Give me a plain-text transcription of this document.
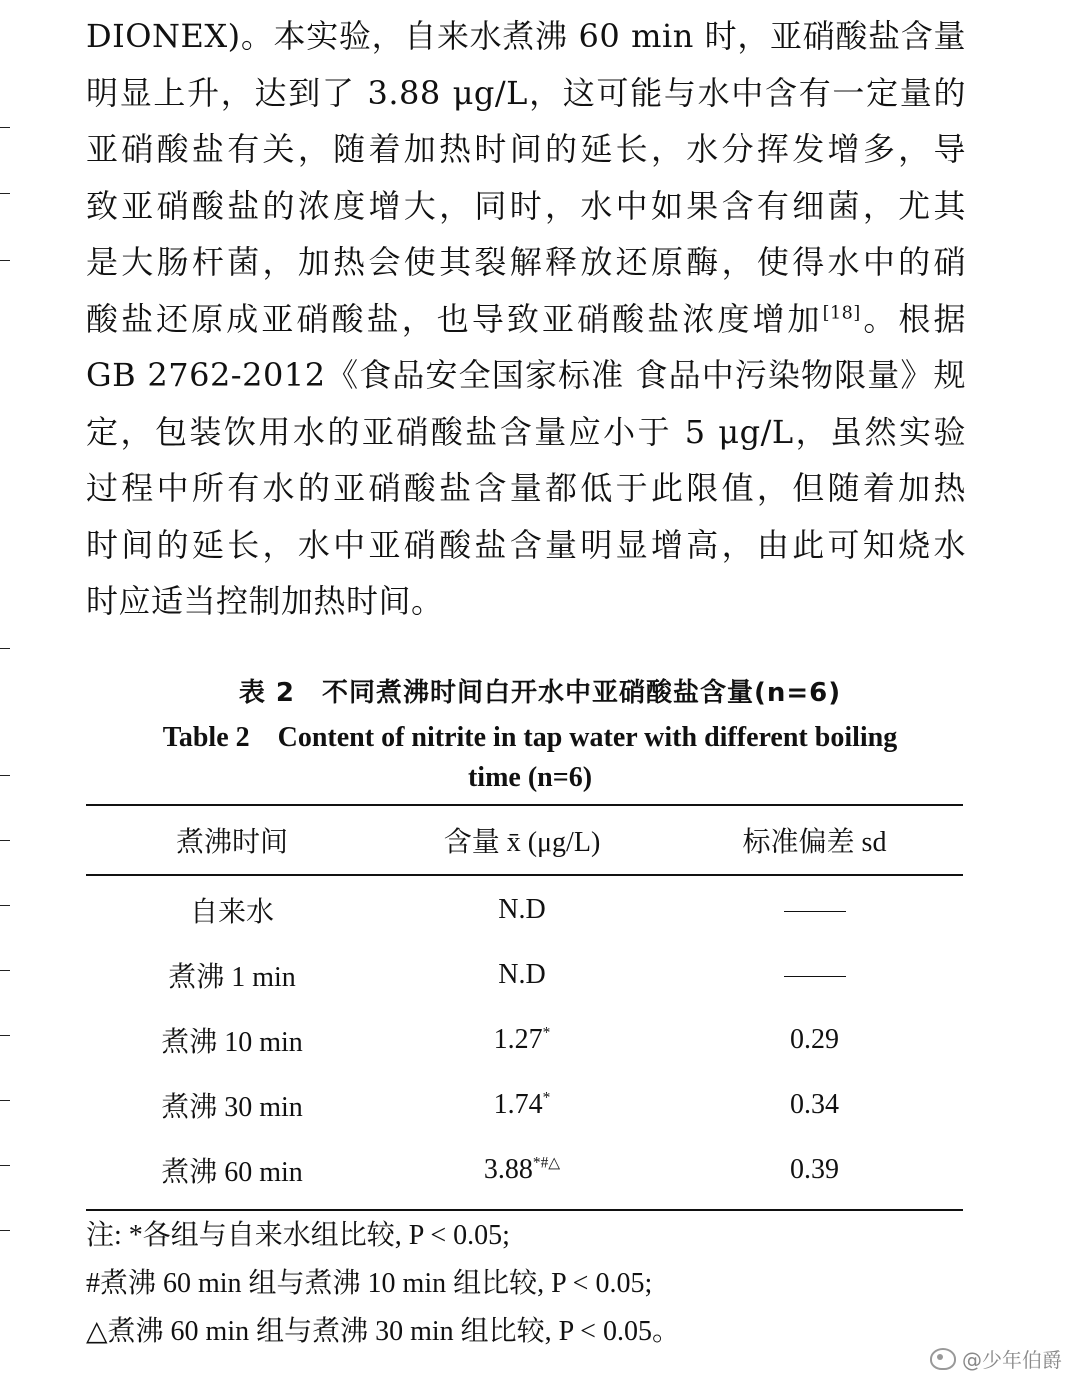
DIONEX)。本实验，自来水煮沸 60 min 时，亚硝酸盐含量
明显上升，达到了 3.88 μg/L，这可能与水中含有一定量的
亚硝酸盐有关，随着加热时间的延长，水分挥发增多，导
致亚硝酸盐的浓度增大，同时，水中如果含有细菌，尤其
是大肠杆菌，加热会使其裂解释放还原酶，使得水中的硝
酸盐还原成亚硝酸盐，也导致亚硝酸盐浓度增加[18]。根据
GB 2762-2012《食品安全国家标准 食品中污染物限量》规
定，包装饮用水的亚硝酸盐含量应小于 5 μg/L，虽然实验
过程中所有水的亚硝酸盐含量都低于此限值，但随着加热
时间的延长，水中亚硝酸盐含量明显增高，由此可知烧水
时应适当控制加热时间。
表 2　不同煮沸时间白开水中亚硝酸盐含量(n=6)
Table 2　Content of nitrite in tap water with different boiling
time (n=6)
煮沸时间	含量 x̄ (μg/L)	标准偏差 sd
自来水	N.D
煮沸 1 min	N.D
煮沸 10 min	1.27*	0.29
煮沸 30 min	1.74*	0.34
煮沸 60 min	3.88*#△	0.39
注: *各组与自来水组比较, P < 0.05;
#煮沸 60 min 组与煮沸 10 min 组比较, P < 0.05;
△煮沸 60 min 组与煮沸 30 min 组比较, P < 0.05。
@少年伯爵
